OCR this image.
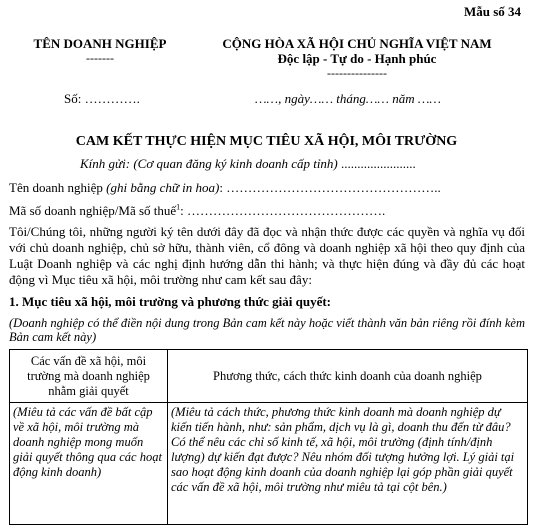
Mẫu số 34
TÊN DOANH NGHIỆP
-------
CỘNG HÒA XÃ HỘI CHỦ NGHĨA VIỆT NAM
Độc lập - Tự do - Hạnh phúc
---------------
Số: ………….	……, ngày…… tháng…… năm ……
CAM KẾT THỰC HIỆN MỤC TIÊU XÃ HỘI, MÔI TRƯỜNG
Kính gửi: (Cơ quan đăng ký kinh doanh cấp tỉnh) .......................
Tên doanh nghiệp (ghi bằng chữ in hoa): …………………………………………..
Mã số doanh nghiệp/Mã số thuế$^1$: ……………………………………….
Tôi/Chúng tôi, những người ký tên dưới đây đã đọc và nhận thức được các quyền và nghĩa vụ đối với chủ doanh nghiệp, chủ sở hữu, thành viên, cổ đông và doanh nghiệp xã hội theo quy định của Luật Doanh nghiệp và các nghị định hướng dẫn thi hành; và thực hiện đúng và đầy đủ các hoạt động vì Mục tiêu xã hội, môi trường như cam kết sau đây:
1. Mục tiêu xã hội, môi trường và phương thức giải quyết:
(Doanh nghiệp có thể điền nội dung trong Bản cam kết này hoặc viết thành văn bản riêng rồi đính kèm Bản cam kết này)
Các vấn đề xã hội, môi trường mà doanh nghiệp nhằm giải quyết	Phương thức, cách thức kinh doanh của doanh nghiệp
(Miêu tả các vấn đề bất cập về xã hội, môi trường mà doanh nghiệp mong muốn giải quyết thông qua các hoạt động kinh doanh)	(Miêu tả cách thức, phương thức kinh doanh mà doanh nghiệp dự kiến tiến hành, như: sản phẩm, dịch vụ là gì, doanh thu đến từ đâu? Có thể nêu các chỉ số kinh tế, xã hội, môi trường (định tính/định lượng) dự kiến đạt được? Nêu nhóm đối tượng hưởng lợi. Lý giải tại sao hoạt động kinh doanh của doanh nghiệp lại góp phần giải quyết các vấn đề xã hội, môi trường như miêu tả tại cột bên.)
